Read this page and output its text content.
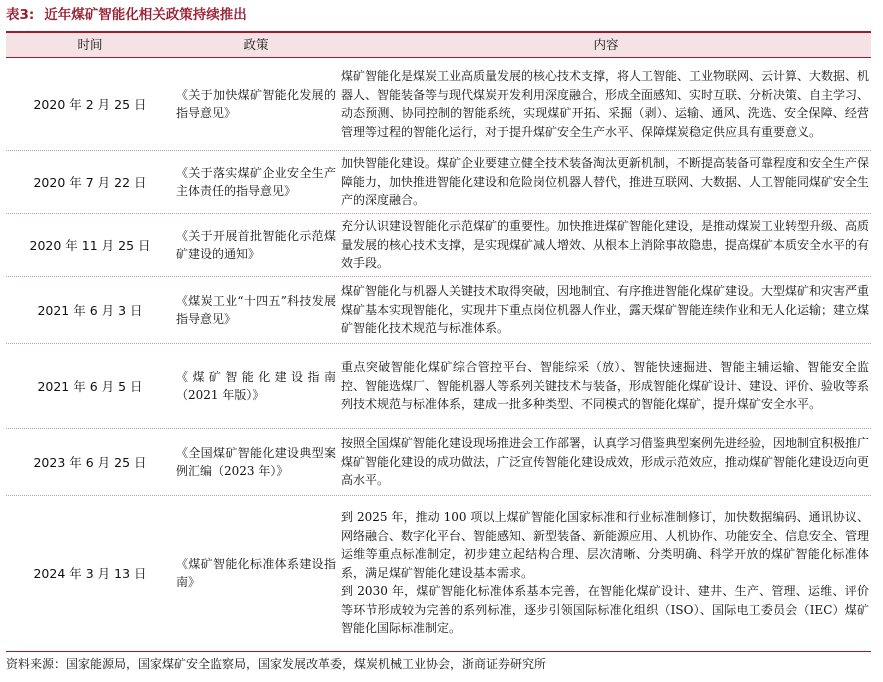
表3: 近年煤矿智能化相关政策持续推出
时间	政策	内容
2020 年 2 月 25 日
《关于加快煤矿智能化发展的指导意见》
煤矿智能化是煤炭工业高质量发展的核心技术支撑，将人工智能、工业物联网、云计算、大数据、机器人、智能装备等与现代煤炭开发利用深度融合，形成全面感知、实时互联、分析决策、自主学习、动态预测、协同控制的智能系统，实现煤矿开拓、采掘（剥）、运输、通风、洗选、安全保障、经营管理等过程的智能化运行，对于提升煤矿安全生产水平、保障煤炭稳定供应具有重要意义。
2020 年 7 月 22 日
《关于落实煤矿企业安全生产主体责任的指导意见》
加快智能化建设。煤矿企业要建立健全技术装备淘汰更新机制，不断提高装备可靠程度和安全生产保障能力，加快推进智能化建设和危险岗位机器人替代，推进互联网、大数据、人工智能同煤矿安全生产的深度融合。
2020 年 11 月 25 日
《关于开展首批智能化示范煤矿建设的通知》
充分认识建设智能化示范煤矿的重要性。加快推进煤矿智能化建设，是推动煤炭工业转型升级、高质量发展的核心技术支撑，是实现煤矿减人增效、从根本上消除事故隐患，提高煤矿本质安全水平的有效手段。
2021 年 6 月 3 日
《煤炭工业“十四五”科技发展指导意见》
煤矿智能化与机器人关键技术取得突破，因地制宜、有序推进智能化煤矿建设。大型煤矿和灾害严重煤矿基本实现智能化，实现井下重点岗位机器人作业，露天煤矿智能连续作业和无人化运输；建立煤矿智能化技术规范与标准体系。
2021 年 6 月 5 日
《煤矿智能化建设指南（2021 年版）》
重点突破智能化煤矿综合管控平台、智能综采（放）、智能快速掘进、智能主辅运输、智能安全监控、智能选煤厂、智能机器人等系列关键技术与装备，形成智能化煤矿设计、建设、评价、验收等系列技术规范与标准体系，建成一批多种类型、不同模式的智能化煤矿，提升煤矿安全水平。
2023 年 6 月 25 日
《全国煤矿智能化建设典型案例汇编（2023 年）》
按照全国煤矿智能化建设现场推进会工作部署，认真学习借鉴典型案例先进经验，因地制宜积极推广煤矿智能化建设的成功做法，广泛宣传智能化建设成效，形成示范效应，推动煤矿智能化建设迈向更高水平。
2024 年 3 月 13 日
《煤矿智能化标准体系建设指南》
到 2025 年，推动 100 项以上煤矿智能化国家标准和行业标准制修订，加快数据编码、通讯协议、网络融合、数字化平台、智能感知、新型装备、新能源应用、人机协作、功能安全、信息安全、管理运维等重点标准制定，初步建立起结构合理、层次清晰、分类明确、科学开放的煤矿智能化标准体系，满足煤矿智能化建设基本需求。
到 2030 年，煤矿智能化标准体系基本完善，在智能化煤矿设计、建井、生产、管理、运维、评价等环节形成较为完善的系列标准，逐步引领国际标准化组织（ISO）、国际电工委员会（IEC）煤矿智能化国际标准制定。
资料来源：国家能源局，国家煤矿安全监察局，国家发展改革委，煤炭机械工业协会，浙商证券研究所
